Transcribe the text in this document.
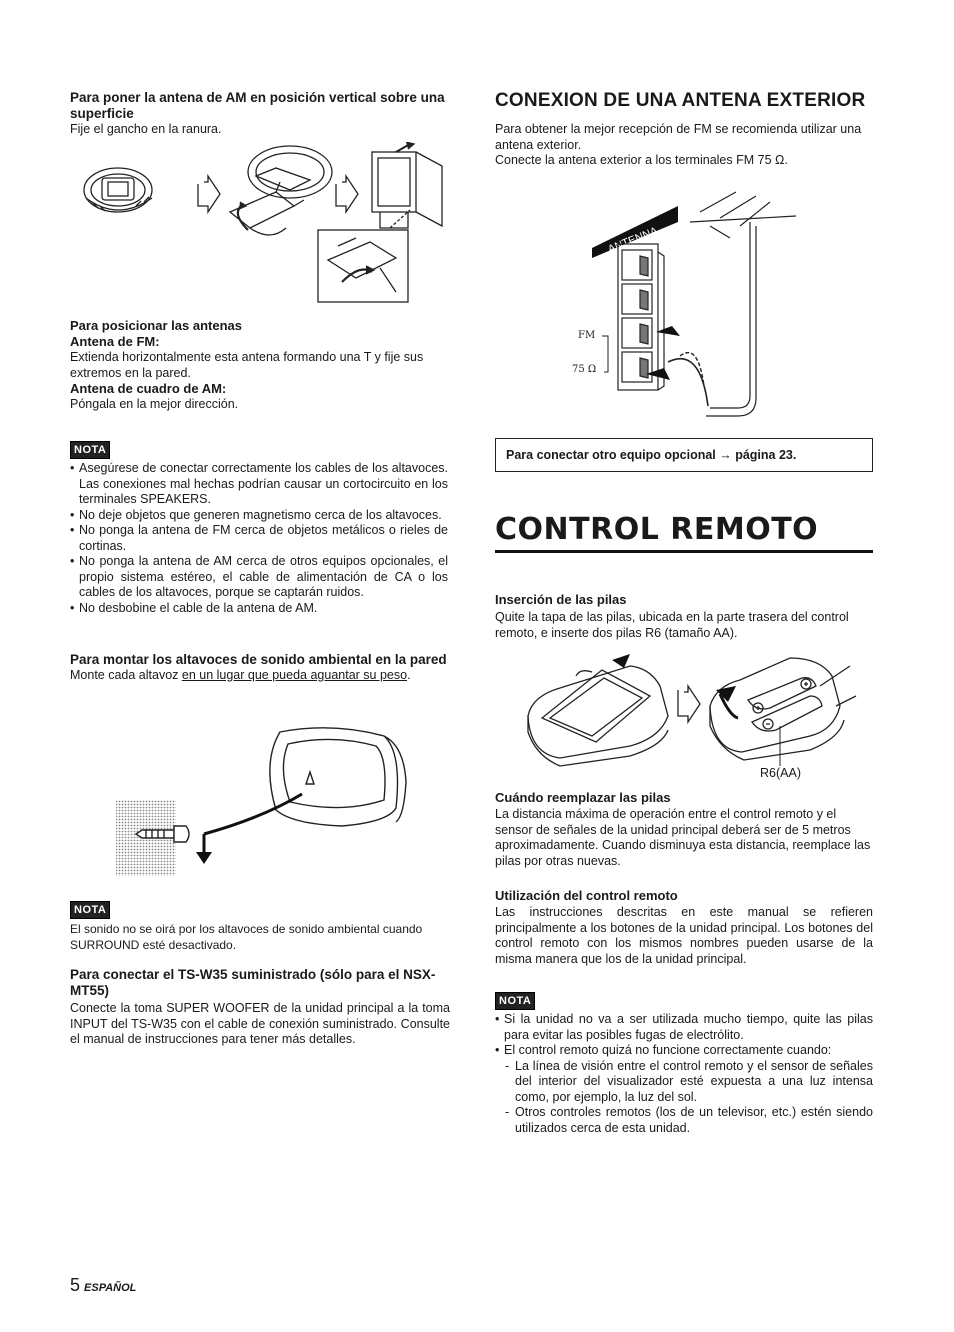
Para poner la antena de AM en posición vertical sobre una superficie

Fije el gancho en la ranura.

Para posicionar las antenas

Antena de FM:

Extienda horizontalmente esta antena formando una T y fije sus extremos en la pared.

Antena de cuadro de AM:

Póngala en la mejor dirección.

NOTA
• Asegúrese de conectar correctamente los cables de los altavoces. Las conexiones mal hechas podrían causar un cortocircuito en los terminales SPEAKERS.
• No deje objetos que generen magnetismo cerca de los altavoces.
• No ponga la antena de FM cerca de objetos metálicos o rieles de cortinas.
• No ponga la antena de AM cerca de otros equipos opcionales, el propio sistema estéreo, el cable de alimentación de CA o los cables de los altavoces, porque se captarán ruidos.
• No desbobine el cable de la antena de AM.

Para montar los altavoces de sonido ambiental en la pared

Monte cada altavoz en un lugar que pueda aguantar su peso.

NOTA

El sonido no se oirá por los altavoces de sonido ambiental cuando SURROUND esté desactivado.

Para conectar el TS-W35 suministrado (sólo para el NSX-MT55)

Conecte la toma SUPER WOOFER de la unidad principal a la toma INPUT del TS-W35 con el cable de conexión suministrado. Consulte el manual de instrucciones para tener más detalles.

CONEXION DE UNA ANTENA EXTERIOR

Para obtener la mejor recepción de FM se recomienda utilizar una antena exterior.

Conecte la antena exterior a los terminales FM 75 Ω.

ANTENNA
FM
75 Ω
Para conectar otro equipo opcional → página 23.
CONTROL REMOTO

Inserción de las pilas

Quite la tapa de las pilas, ubicada en la parte trasera del control remoto, e inserte dos pilas R6 (tamaño AA).

R6(AA)

Cuándo reemplazar las pilas

La distancia máxima de operación entre el control remoto y el sensor de señales de la unidad principal deberá ser de 5 metros aproximadamente. Cuando disminuya esta distancia, reemplace las pilas por otras nuevas.

Utilización del control remoto

Las instrucciones descritas en este manual se refieren principalmente a los botones de la unidad principal. Los botones del control remoto con los mismos nombres pueden usarse de la misma manera que los de la unidad principal.

NOTA
• Si la unidad no va a ser utilizada mucho tiempo, quite las pilas para evitar las posibles fugas de electrólito.
• El control remoto quizá no funcione correctamente cuando:
- La línea de visión entre el control remoto y el sensor de señales del interior del visualizador esté expuesta a una luz intensa como, por ejemplo, la luz del sol.
- Otros controles remotos (los de un televisor, etc.) estén siendo utilizados cerca de esta unidad.
5 ESPAÑOL
